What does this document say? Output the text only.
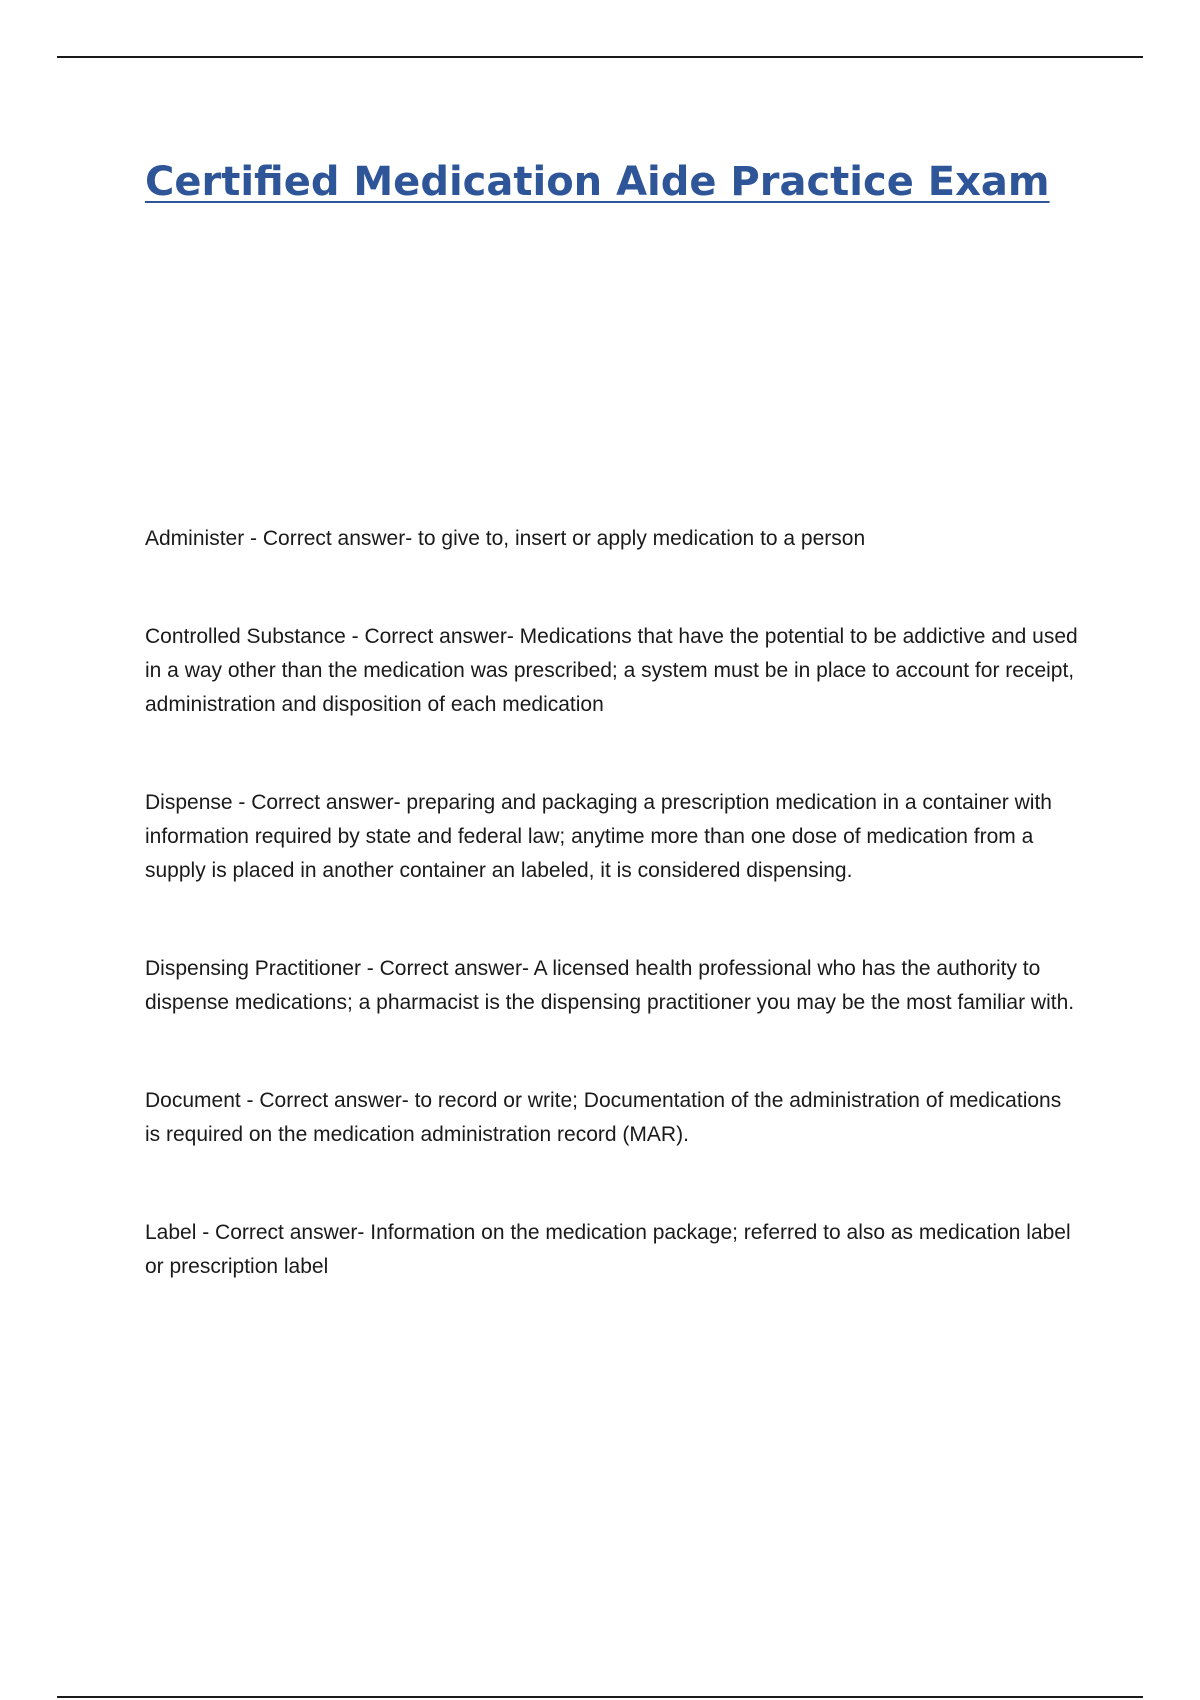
Certified Medication Aide Practice Exam

Administer - Correct answer- to give to, insert or apply medication to a person

Controlled Substance - Correct answer- Medications that have the potential to be addictive and used in a way other than the medication was prescribed; a system must be in place to account for receipt, administration and disposition of each medication

Dispense - Correct answer- preparing and packaging a prescription medication in a container with information required by state and federal law; anytime more than one dose of medication from a supply is placed in another container an labeled, it is considered dispensing.

Dispensing Practitioner - Correct answer- A licensed health professional who has the authority to dispense medications; a pharmacist is the dispensing practitioner you may be the most familiar with.

Document - Correct answer- to record or write; Documentation of the administration of medications is required on the medication administration record (MAR).

Label - Correct answer- Information on the medication package; referred to also as medication label or prescription label
